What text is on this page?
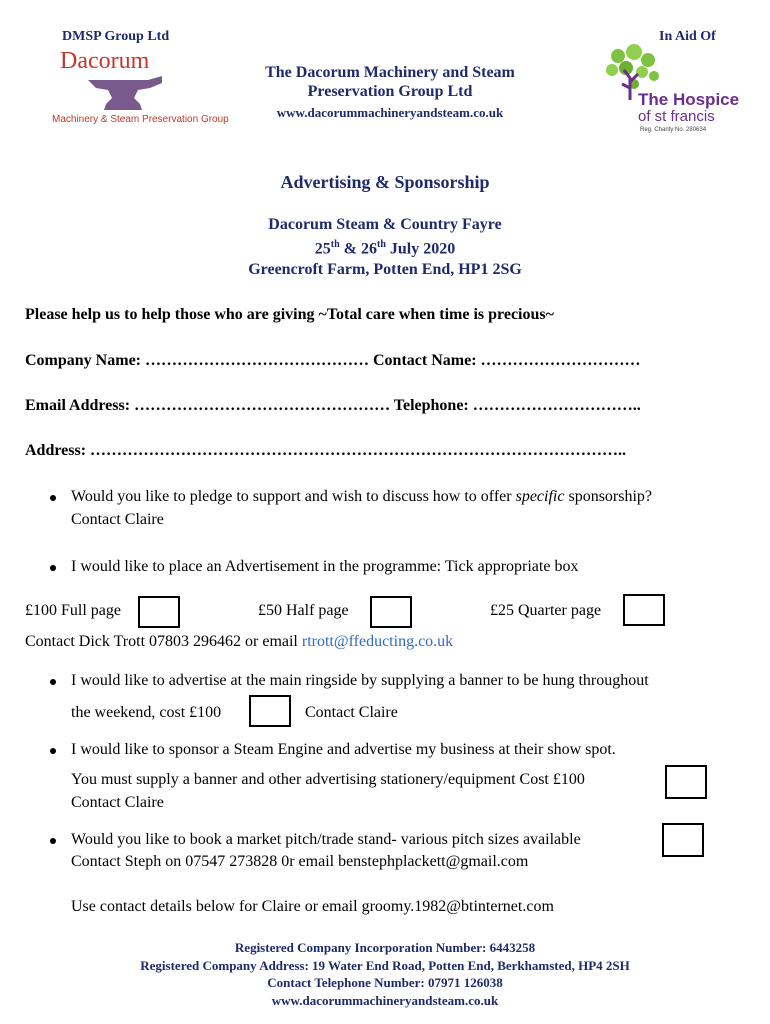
DMSP Group Ltd	In Aid Of
Dacorum
Machinery & Steam Preservation Group
The Dacorum Machinery and Steam
Preservation Group Ltd
www.dacorummachineryandsteam.co.uk
The Hospice
of st francis
Reg. Charity No. 280634
Advertising & Sponsorship
Dacorum Steam & Country Fayre
25th & 26th July 2020
Greencroft Farm, Potten End, HP1 2SG
Please help us to help those who are giving ~Total care when time is precious~
Company Name: …………………………………… Contact Name: …………………………
Email Address: ………………………………………… Telephone: …………………………..
Address: ………………………………………………………………………………………..
Would you like to pledge to support and wish to discuss how to offer specific sponsorship?
Contact Claire
I would like to place an Advertisement in the programme: Tick appropriate box
£100 Full page	£50 Half page	£25 Quarter page
Contact Dick Trott 07803 296462 or email rtrott@ffeducting.co.uk
I would like to advertise at the main ringside by supplying a banner to be hung throughout
the weekend, cost £100	Contact Claire
I would like to sponsor a Steam Engine and advertise my business at their show spot.
You must supply a banner and other advertising stationery/equipment Cost £100
Contact Claire
Would you like to book a market pitch/trade stand- various pitch sizes available
Contact Steph on 07547 273828 0r email benstephplackett@gmail.com
Use contact details below for Claire or email groomy.1982@btinternet.com
Registered Company Incorporation Number: 6443258
Registered Company Address: 19 Water End Road, Potten End, Berkhamsted, HP4 2SH
Contact Telephone Number: 07971 126038
www.dacorummachineryandsteam.co.uk
